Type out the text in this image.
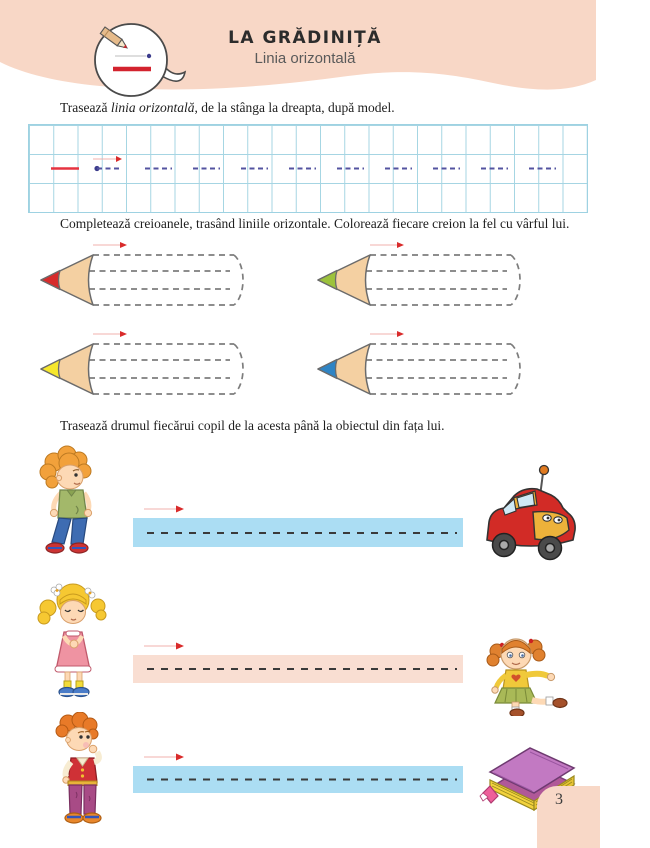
LA GRĂDINIȚĂ

Linia orizontală

Trasează linia orizontală, de la stânga la dreapta, după model.

Completează creioanele, trasând liniile orizontale. Colorează fiecare creion la fel cu vârful lui.

Trasează drumul fiecărui copil de la acesta până la obiectul din fața lui.

3
